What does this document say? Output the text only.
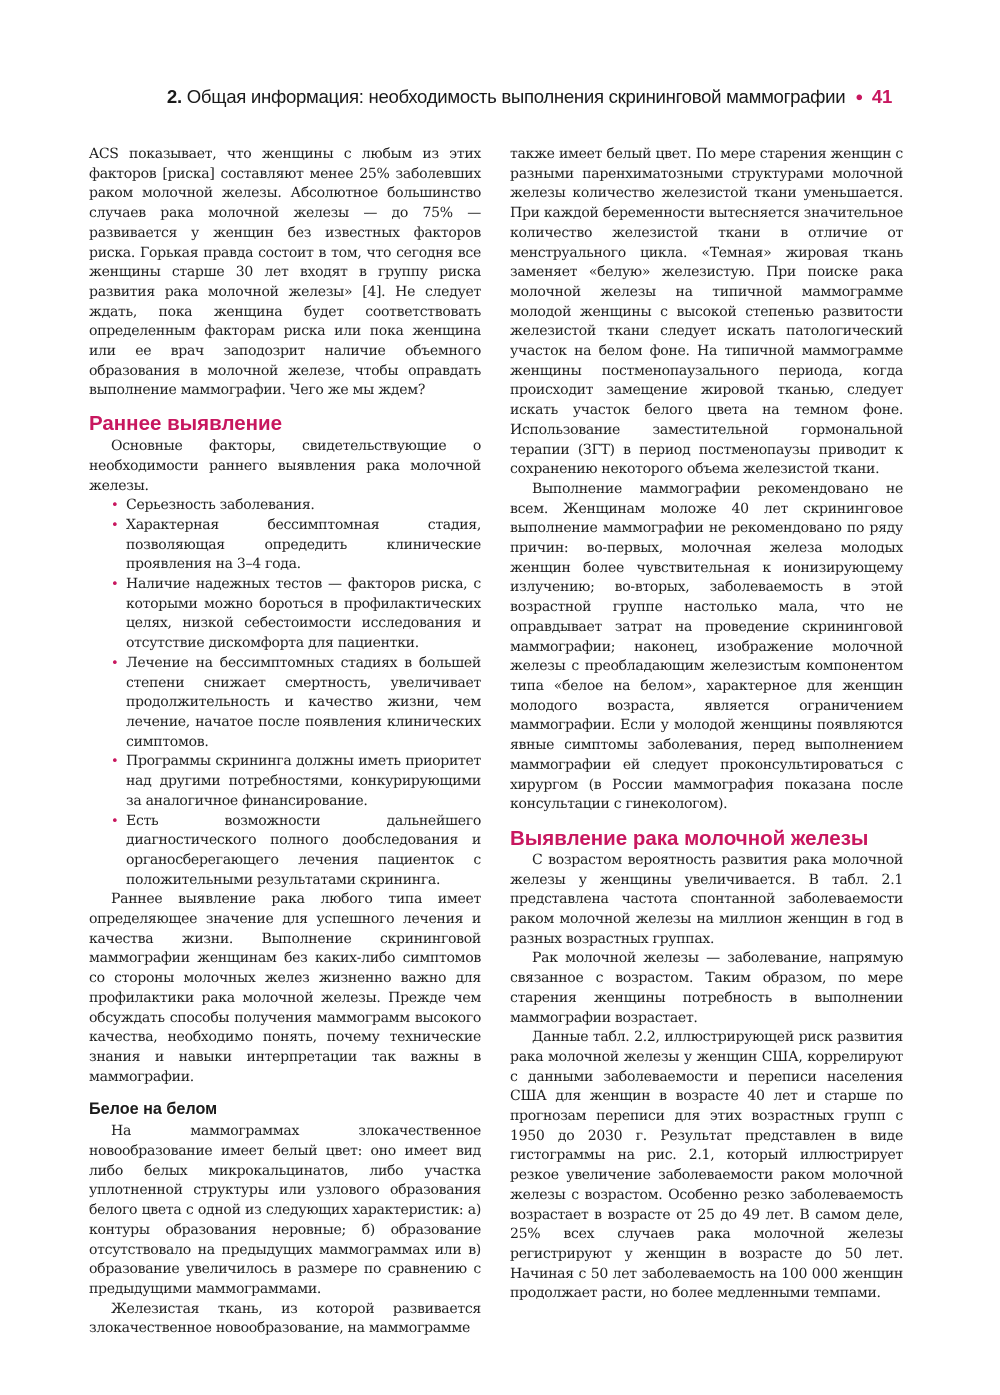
2. Общая информация: необходимость выполнения скрининговой маммографии ● 41

ACS показывает, что женщины с любым из этих факторов [риска] составляют менее 25% заболевших раком молочной железы. Абсолютное большинство случаев рака молочной железы — до 75% — развивается у женщин без известных факторов риска. Горькая правда состоит в том, что сегодня все женщины старше 30 лет входят в группу риска развития рака молочной железы» [4]. Не следует ждать, пока женщина будет соответствовать определенным факторам риска или пока женщина или ее врач заподозрит наличие объемного образования в молочной железе, чтобы оправдать выполнение маммографии. Чего же мы ждем?

Раннее выявление

Основные факторы, свидетельствующие о необходимости раннего выявления рака молочной железы.

• Серьезность заболевания.
• Характерная бессимптомная стадия, позволяющая опредедить клинические проявления на 3–4 года.
• Наличие надежных тестов — факторов риска, с которыми можно бороться в профилактических целях, низкой себестоимости исследования и отсутствие дискомфорта для пациентки.
• Лечение на бессимптомных стадиях в большей степени снижает смертность, увеличивает продолжительность и качество жизни, чем лечение, начатое после появления клинических симптомов.
• Программы скрининга должны иметь приоритет над другими потребностями, конкурирующими за аналогичное финансирование.
• Есть возможности дальнейшего диагностического полного дообследования и органосберегающего лечения пациенток с положительными результатами скрининга.

Раннее выявление рака любого типа имеет определяющее значение для успешного лечения и качества жизни. Выполнение скрининговой маммографии женщинам без каких-либо симптомов со стороны молочных желез жизненно важно для профилактики рака молочной железы. Прежде чем обсуждать способы получения маммограмм высокого качества, необходимо понять, почему технические знания и навыки интерпретации так важны в маммографии.

Белое на белом

На маммограммах злокачественное новообразование имеет белый цвет: оно имеет вид либо белых микрокальцинатов, либо участка уплотненной структуры или узлового образования белого цвета с одной из следующих характеристик: а) контуры образования неровные; б) образование отсутствовало на предыдущих маммограммах или в) образование увеличилось в размере по сравнению с предыдущими маммограммами.

Железистая ткань, из которой развивается злокачественное новообразование, на маммограмме

также имеет белый цвет. По мере старения женщин с разными паренхиматозными структурами молочной железы количество железистой ткани уменьшается. При каждой беременности вытесняется значительное количество железистой ткани в отличие от менструального цикла. «Темная» жировая ткань заменяет «белую» железистую. При поиске рака молочной железы на типичной маммограмме молодой женщины с высокой степенью развитости железистой ткани следует искать патологический участок на белом фоне. На типичной маммограмме женщины постменопаузального периода, когда происходит замещение жировой тканью, следует искать участок белого цвета на темном фоне. Использование заместительной гормональной терапии (ЗГТ) в период постменопаузы приводит к сохранению некоторого объема железистой ткани.

Выполнение маммографии рекомендовано не всем. Женщинам моложе 40 лет скрининговое выполнение маммографии не рекомендовано по ряду причин: во-первых, молочная железа молодых женщин более чувствительная к ионизирующему излучению; во-вторых, заболеваемость в этой возрастной группе настолько мала, что не оправдывает затрат на проведение скрининговой маммографии; наконец, изображение молочной железы с преобладающим железистым компонентом типа «белое на белом», характерное для женщин молодого возраста, является ограничением маммографии. Если у молодой женщины появляются явные симптомы заболевания, перед выполнением маммографии ей следует проконсультироваться с хирургом (в России маммография показана после консультации с гинекологом).

Выявление рака молочной железы

С возрастом вероятность развития рака молочной железы у женщины увеличивается. В табл. 2.1 представлена частота спонтанной заболеваемости раком молочной железы на миллион женщин в год в разных возрастных группах.

Рак молочной железы — заболевание, напрямую связанное с возрастом. Таким образом, по мере старения женщины потребность в выполнении маммографии возрастает.

Данные табл. 2.2, иллюстрирующей риск развития рака молочной железы у женщин США, коррелируют с данными заболеваемости и переписи населения США для женщин в возрасте 40 лет и старше по прогнозам переписи для этих возрастных групп с 1950 до 2030 г. Результат представлен в виде гистограммы на рис. 2.1, который иллюстрирует резкое увеличение заболеваемости раком молочной железы с возрастом. Особенно резко заболеваемость возрастает в возрасте от 25 до 49 лет. В самом деле, 25% всех случаев рака молочной железы регистрируют у женщин в возрасте до 50 лет. Начиная с 50 лет заболеваемость на 100 000 женщин продолжает расти, но более медленными темпами.
